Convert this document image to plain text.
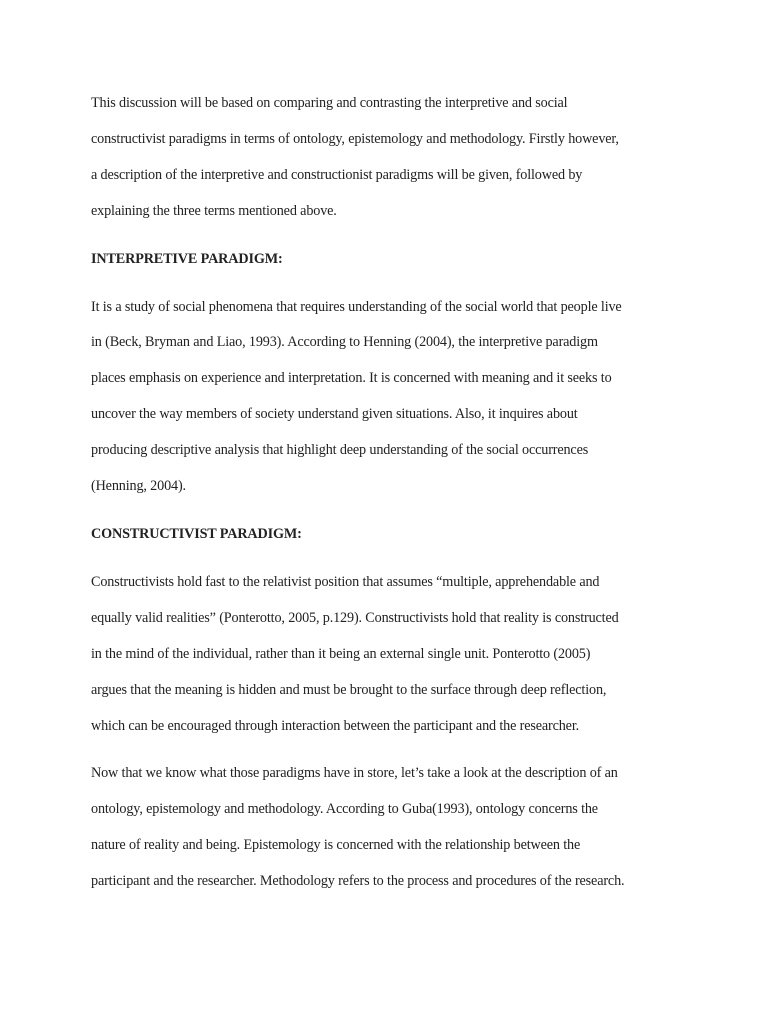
This discussion will be based on comparing and contrasting the interpretive and social
constructivist paradigms in terms of ontology, epistemology and methodology. Firstly however,
a description of the interpretive and constructionist paradigms will be given, followed by
explaining the three terms mentioned above.
INTERPRETIVE PARADIGM:
It is a study of social phenomena that requires understanding of the social world that people live
in (Beck, Bryman and Liao, 1993). According to Henning (2004), the interpretive paradigm
places emphasis on experience and interpretation. It is concerned with meaning and it seeks to
uncover the way members of society understand given situations. Also, it inquires about
producing descriptive analysis that highlight deep understanding of the social occurrences
(Henning, 2004).
CONSTRUCTIVIST PARADIGM:
Constructivists hold fast to the relativist position that assumes “multiple, apprehendable and
equally valid realities” (Ponterotto, 2005, p.129). Constructivists hold that reality is constructed
in the mind of the individual, rather than it being an external single unit. Ponterotto (2005)
argues that the meaning is hidden and must be brought to the surface through deep reflection,
which can be encouraged through interaction between the participant and the researcher.
Now that we know what those paradigms have in store, let’s take a look at the description of an
ontology, epistemology and methodology. According to Guba(1993), ontology concerns the
nature of reality and being. Epistemology is concerned with the relationship between the
participant and the researcher. Methodology refers to the process and procedures of the research.
